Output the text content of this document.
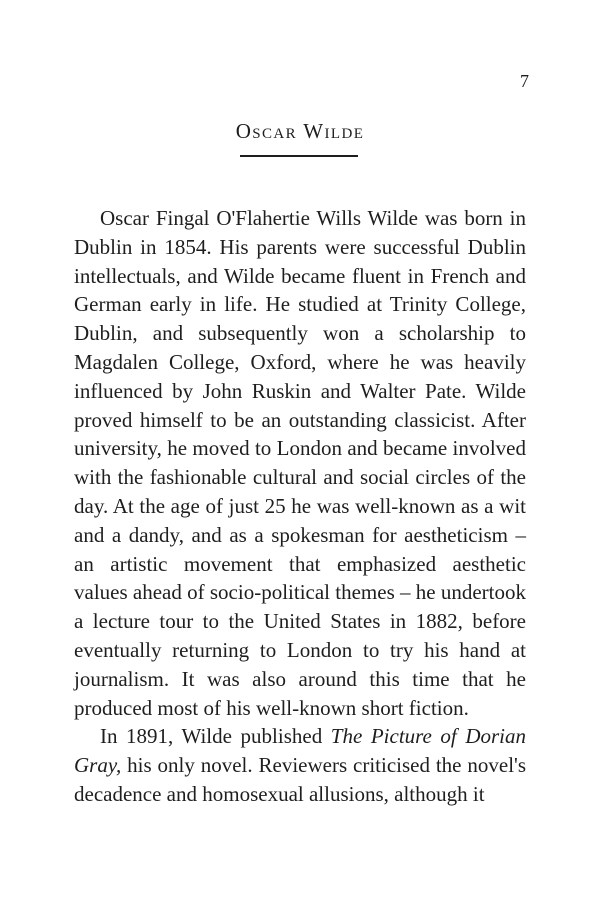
7
Oscar Wilde

Oscar Fingal O'Flahertie Wills Wilde was born in Dublin in 1854. His parents were successful Dublin intellectuals, and Wilde became fluent in French and German early in life. He studied at Trinity College, Dublin, and subsequently won a scholarship to Magdalen College, Oxford, where he was heavily influenced by John Ruskin and Walter Pate. Wilde proved himself to be an outstanding classicist. After university, he moved to London and became involved with the fashionable cultural and social circles of the day. At the age of just 25 he was well-known as a wit and a dandy, and as a spokesman for aestheticism – an artistic movement that emphasized aesthetic values ahead of socio-political themes – he undertook a lecture tour to the United States in 1882, before eventually returning to London to try his hand at journalism. It was also around this time that he produced most of his well-known short fiction.

In 1891, Wilde published The Picture of Dorian Gray, his only novel. Reviewers criticised the novel's decadence and homosexual allusions, although it
